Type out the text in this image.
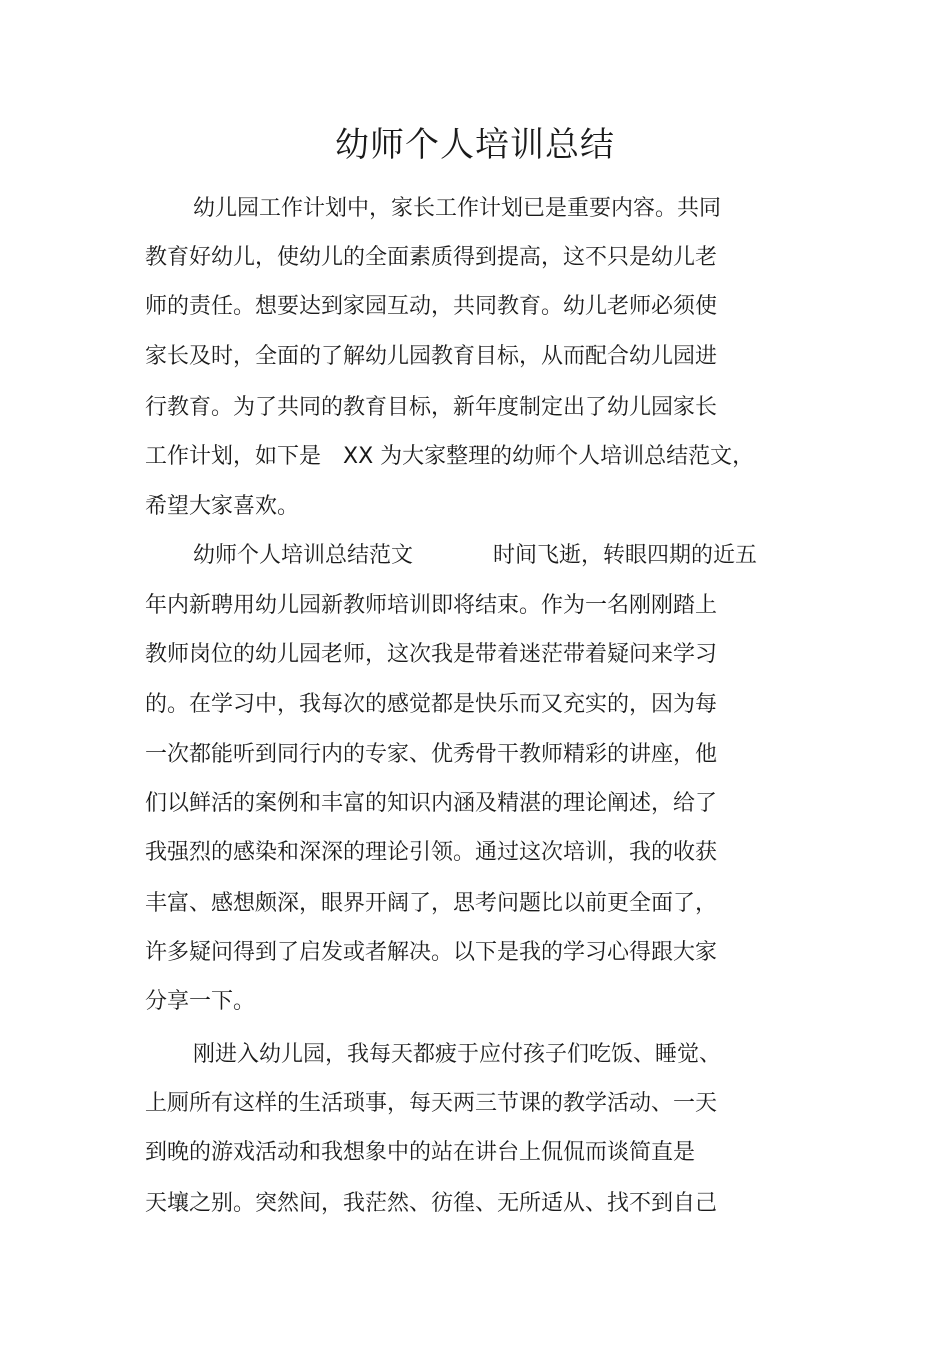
幼师个人培训总结

幼儿园工作计划中，家长工作计划已是重要内容。共同

教育好幼儿，使幼儿的全面素质得到提高，这不只是幼儿老

师的责任。想要达到家园互动，共同教育。幼儿老师必须使

家长及时，全面的了解幼儿园教育目标，从而配合幼儿园进

行教育。为了共同的教育目标，新年度制定出了幼儿园家长

工作计划，如下是　XX 为大家整理的幼师个人培训总结范文，

希望大家喜欢。

幼师个人培训总结范文	时间飞逝，转眼四期的近五

年内新聘用幼儿园新教师培训即将结束。作为一名刚刚踏上

教师岗位的幼儿园老师，这次我是带着迷茫带着疑问来学习

的。在学习中，我每次的感觉都是快乐而又充实的，因为每

一次都能听到同行内的专家、优秀骨干教师精彩的讲座，他

们以鲜活的案例和丰富的知识内涵及精湛的理论阐述，给了

我强烈的感染和深深的理论引领。通过这次培训，我的收获

丰富、感想颇深，眼界开阔了，思考问题比以前更全面了，

许多疑问得到了启发或者解决。以下是我的学习心得跟大家

分享一下。

刚进入幼儿园，我每天都疲于应付孩子们吃饭、睡觉、

上厕所有这样的生活琐事，每天两三节课的教学活动、一天

到晚的游戏活动和我想象中的站在讲台上侃侃而谈简直是

天壤之别。突然间，我茫然、彷徨、无所适从、找不到自己
